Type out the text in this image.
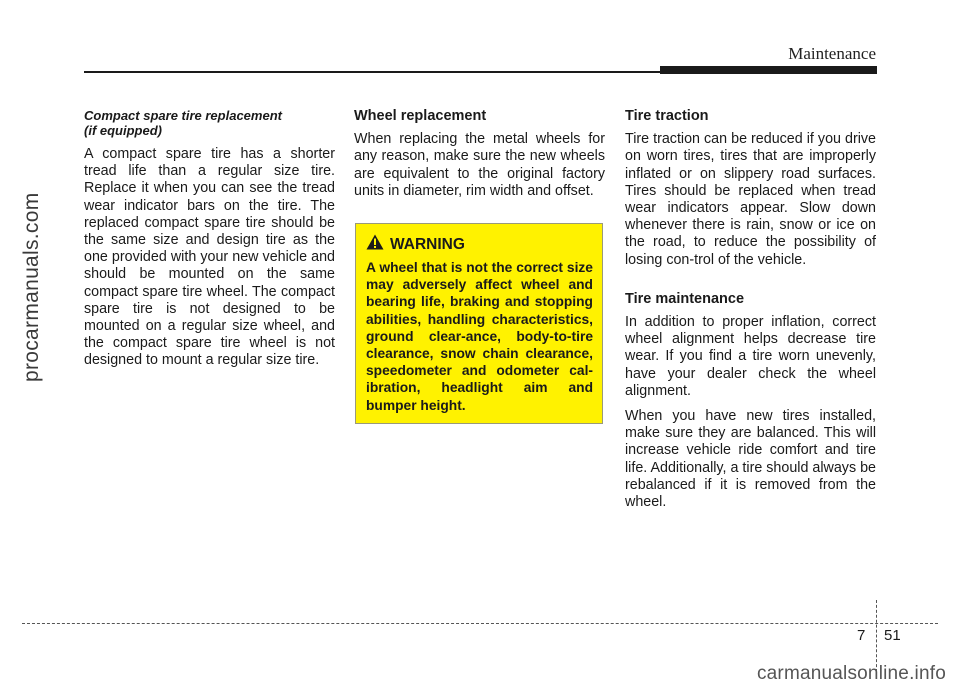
Maintenance
procarmanuals.com
Compact spare tire replacement
(if equipped)

A compact spare tire has a shorter tread life than a regular size tire. Replace it when you can see the tread wear indicator bars on the tire. The replaced compact spare tire should be the same size and design tire as the one provided with your new vehicle and should be mounted on the same compact spare tire wheel. The compact spare tire is not designed to be mounted on a regular size wheel, and the compact spare tire wheel is not designed to mount a regular size tire.

Wheel replacement

When replacing the metal wheels for any reason, make sure the new wheels are equivalent to the original factory units in diameter, rim width and offset.

WARNING
A wheel that is not the correct size may adversely affect wheel and bearing life, braking and stopping abilities, handling characteristics, ground clear-ance, body-to-tire clearance, snow chain clearance, speedometer and odometer cal-ibration, headlight aim and bumper height.
Tire traction

Tire traction can be reduced if you drive on worn tires, tires that are improperly inflated or on slippery road surfaces. Tires should be replaced when tread wear indicators appear. Slow down whenever there is rain, snow or ice on the road, to reduce the possibility of losing con-trol of the vehicle.

Tire maintenance

In addition to proper inflation, correct wheel alignment helps decrease tire wear. If you find a tire worn unevenly, have your dealer check the wheel alignment.

When you have new tires installed, make sure they are balanced. This will increase vehicle ride comfort and tire life. Additionally, a tire should always be rebalanced if it is removed from the wheel.

7 51
carmanualsonline.info
